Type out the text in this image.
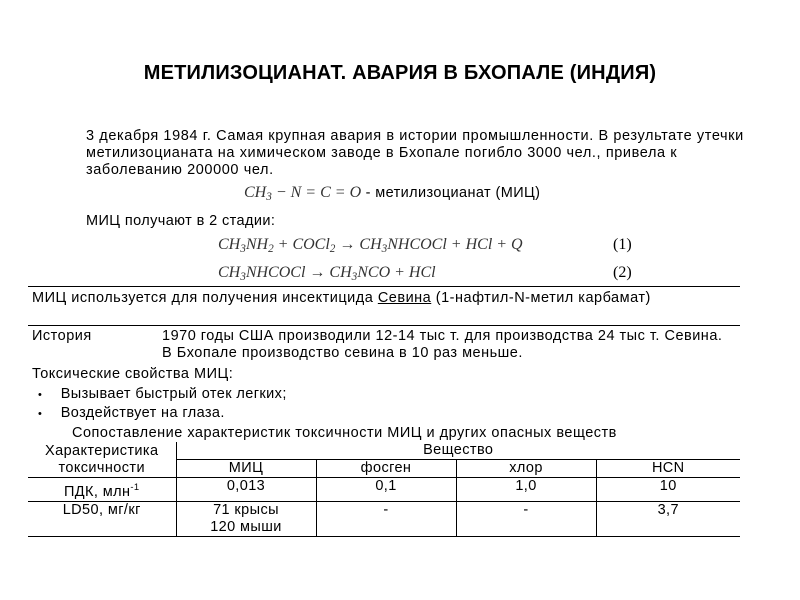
МЕТИЛИЗОЦИАНАТ. АВАРИЯ В БХОПАЛЕ (ИНДИЯ)
3 декабря 1984 г. Самая крупная авария в истории промышленности. В результате утечки метилизоцианата на химическом заводе в Бхопале погибло 3000 чел., привела к заболеванию 200000 чел.
$CH_3 - N = C = O$ - метилизоцианат (МИЦ)
МИЦ получают в 2 стадии:
$CH_3NH_2$ + COCl$_2$ → $CH_3NHCOCl$ + HCl + Q	(1)
$CH_3NHCOCl \to CH_3NCO$ + HCl	(2)
МИЦ используется для получения инсектицида Севина (1-нафтил-N-метил карбамат)
История	1970 годы США производили 12-14 тыс т. для производства 24 тыс т. Севина. В Бхопале производство севина в 10 раз меньше.
Токсические свойства МИЦ:
• Вызывает быстрый отек легких;
• Воздействует на глаза.
Сопоставление характеристик токсичности МИЦ и других опасных веществ
Характеристика токсичности	Вещество			
	МИЦ	фосген	хлор	HCN
ПДК, млн$^{-1}$	0,013	0,1	1,0	10
LD50, мг/кг	71 крысы 120 мыши	-	-	3,7
